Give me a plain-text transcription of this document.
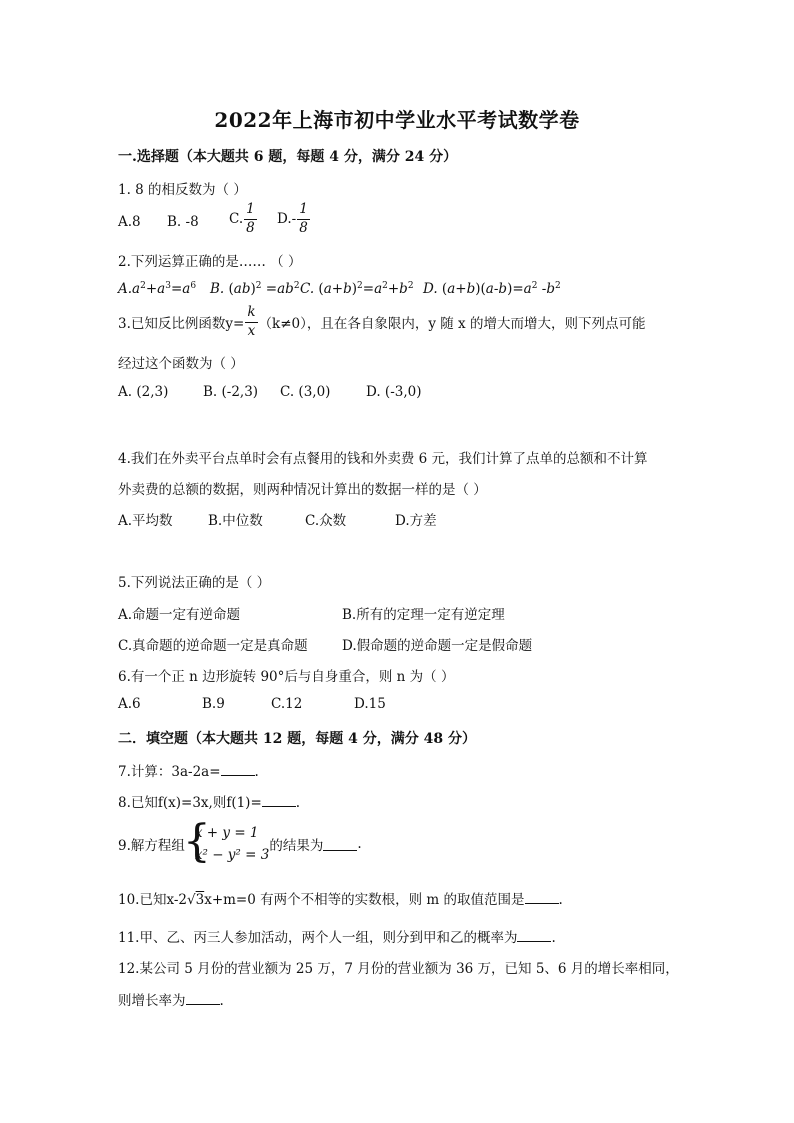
2022年上海市初中学业水平考试数学卷
一.选择题（本大题共 6 题，每题 4 分，满分 24 分）
1. 8 的相反数为（ ）
A.8 B. -8 C. $\frac{1}{8} D.- \frac{1}{8}$
2.下列运算正确的是…… （ ）
$A.a^2+a^3=a^6$ B. $(ab)^2 =ab^2$ C. $(a+b)^2=a^2+b^2$ D. $(a+b)(a-b)=a^2$ $-b^2$
3.已知反比例函数$y= \frac{k}{x} (k\ne 0)$，且在各自象限内，y 随 x 的增大而增大，则下列点可能
经过这个函数为（ ）
A. (2,3)	B. (-2,3) C. (3,0)	D. (-3,0)
4.我们在外卖平台点单时会有点餐用的钱和外卖费 6 元，我们计算了点单的总额和不计算
外卖费的总额的数据，则两种情况计算出的数据一样的是（ ）
A.平均数	B.中位数	C.众数	D.方差
5.下列说法正确的是（ ）
A.命题一定有逆命题	B.所有的定理一定有逆定理
C.真命题的逆命题一定是真命题	D.假命题的逆命题一定是假命题
6.有一个正 n 边形旋转 90°后与自身重合，则 n 为（ ）
A.6	B.9	C.12	D.15
二．填空题（本大题共 12 题，每题 4 分，满分 48 分）
7.计算：3a-2a=	.
8.已知f(x)=3x,则f(1)=	.
9.解方程组
{
x + y = 1
x² − y² = 3
的结果为	.
10.已知x-2√3x+m=0 有两个不相等的实数根，则 m 的取值范围是	.
11.甲、乙、丙三人参加活动，两个人一组，则分到甲和乙的概率为	.
12.某公司 5 月份的营业额为 25 万，7 月份的营业额为 36 万，已知 5、6 月的增长率相同，
则增长率为	.
